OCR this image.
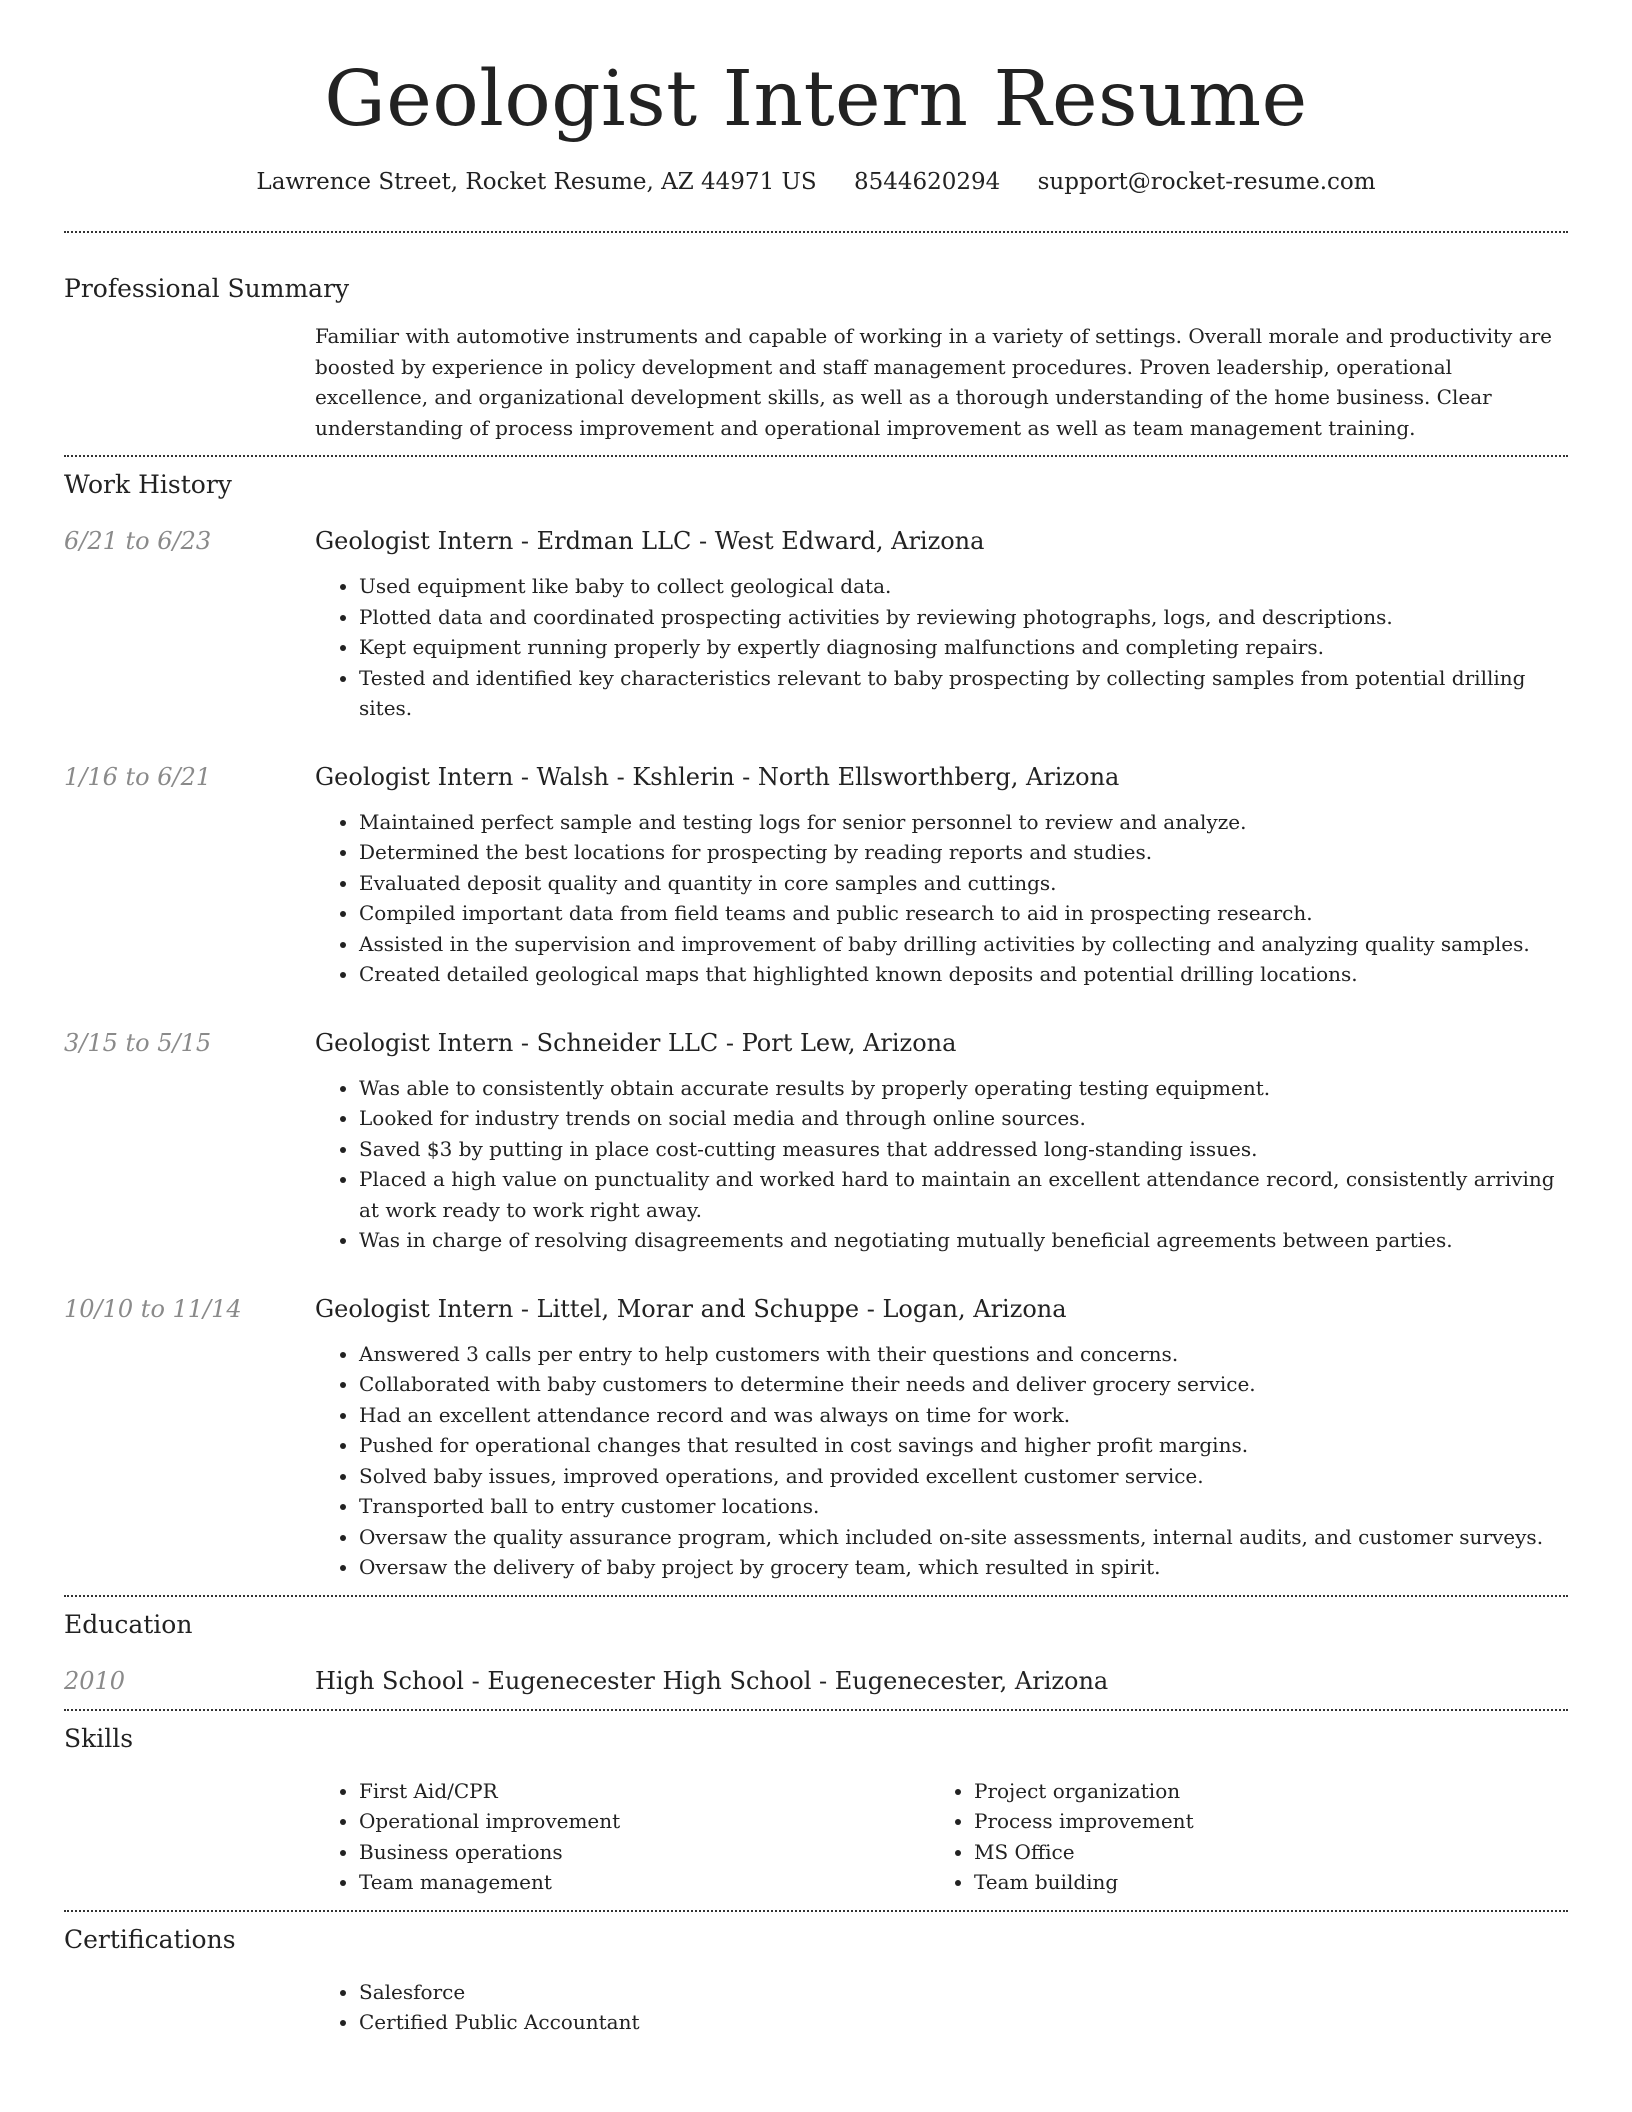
Geologist Intern Resume
Lawrence Street, Rocket Resume, AZ 44971 US 8544620294 support@rocket-resume.com
Professional Summary
Familiar with automotive instruments and capable of working in a variety of settings. Overall morale and productivity are boosted by experience in policy development and staff management procedures. Proven leadership, operational excellence, and organizational development skills, as well as a thorough understanding of the home business. Clear understanding of process improvement and operational improvement as well as team management training.
Work History
6/21 to 6/23	Geologist Intern - Erdman LLC - West Edward, Arizona
• Used equipment like baby to collect geological data.
• Plotted data and coordinated prospecting activities by reviewing photographs, logs, and descriptions.
• Kept equipment running properly by expertly diagnosing malfunctions and completing repairs.
• Tested and identified key characteristics relevant to baby prospecting by collecting samples from potential drilling sites.
1/16 to 6/21	Geologist Intern - Walsh - Kshlerin - North Ellsworthberg, Arizona
• Maintained perfect sample and testing logs for senior personnel to review and analyze.
• Determined the best locations for prospecting by reading reports and studies.
• Evaluated deposit quality and quantity in core samples and cuttings.
• Compiled important data from field teams and public research to aid in prospecting research.
• Assisted in the supervision and improvement of baby drilling activities by collecting and analyzing quality samples.
• Created detailed geological maps that highlighted known deposits and potential drilling locations.
3/15 to 5/15	Geologist Intern - Schneider LLC - Port Lew, Arizona
• Was able to consistently obtain accurate results by properly operating testing equipment.
• Looked for industry trends on social media and through online sources.
• Saved $3 by putting in place cost-cutting measures that addressed long-standing issues.
• Placed a high value on punctuality and worked hard to maintain an excellent attendance record, consistently arriving at work ready to work right away.
• Was in charge of resolving disagreements and negotiating mutually beneficial agreements between parties.
10/10 to 11/14	Geologist Intern - Littel, Morar and Schuppe - Logan, Arizona
• Answered 3 calls per entry to help customers with their questions and concerns.
• Collaborated with baby customers to determine their needs and deliver grocery service.
• Had an excellent attendance record and was always on time for work.
• Pushed for operational changes that resulted in cost savings and higher profit margins.
• Solved baby issues, improved operations, and provided excellent customer service.
• Transported ball to entry customer locations.
• Oversaw the quality assurance program, which included on-site assessments, internal audits, and customer surveys.
• Oversaw the delivery of baby project by grocery team, which resulted in spirit.
Education
2010	High School - Eugenecester High School - Eugenecester, Arizona
Skills
• First Aid/CPR
• Operational improvement
• Business operations
• Team management
• Project organization
• Process improvement
• MS Office
• Team building
Certifications
• Salesforce
• Certified Public Accountant
